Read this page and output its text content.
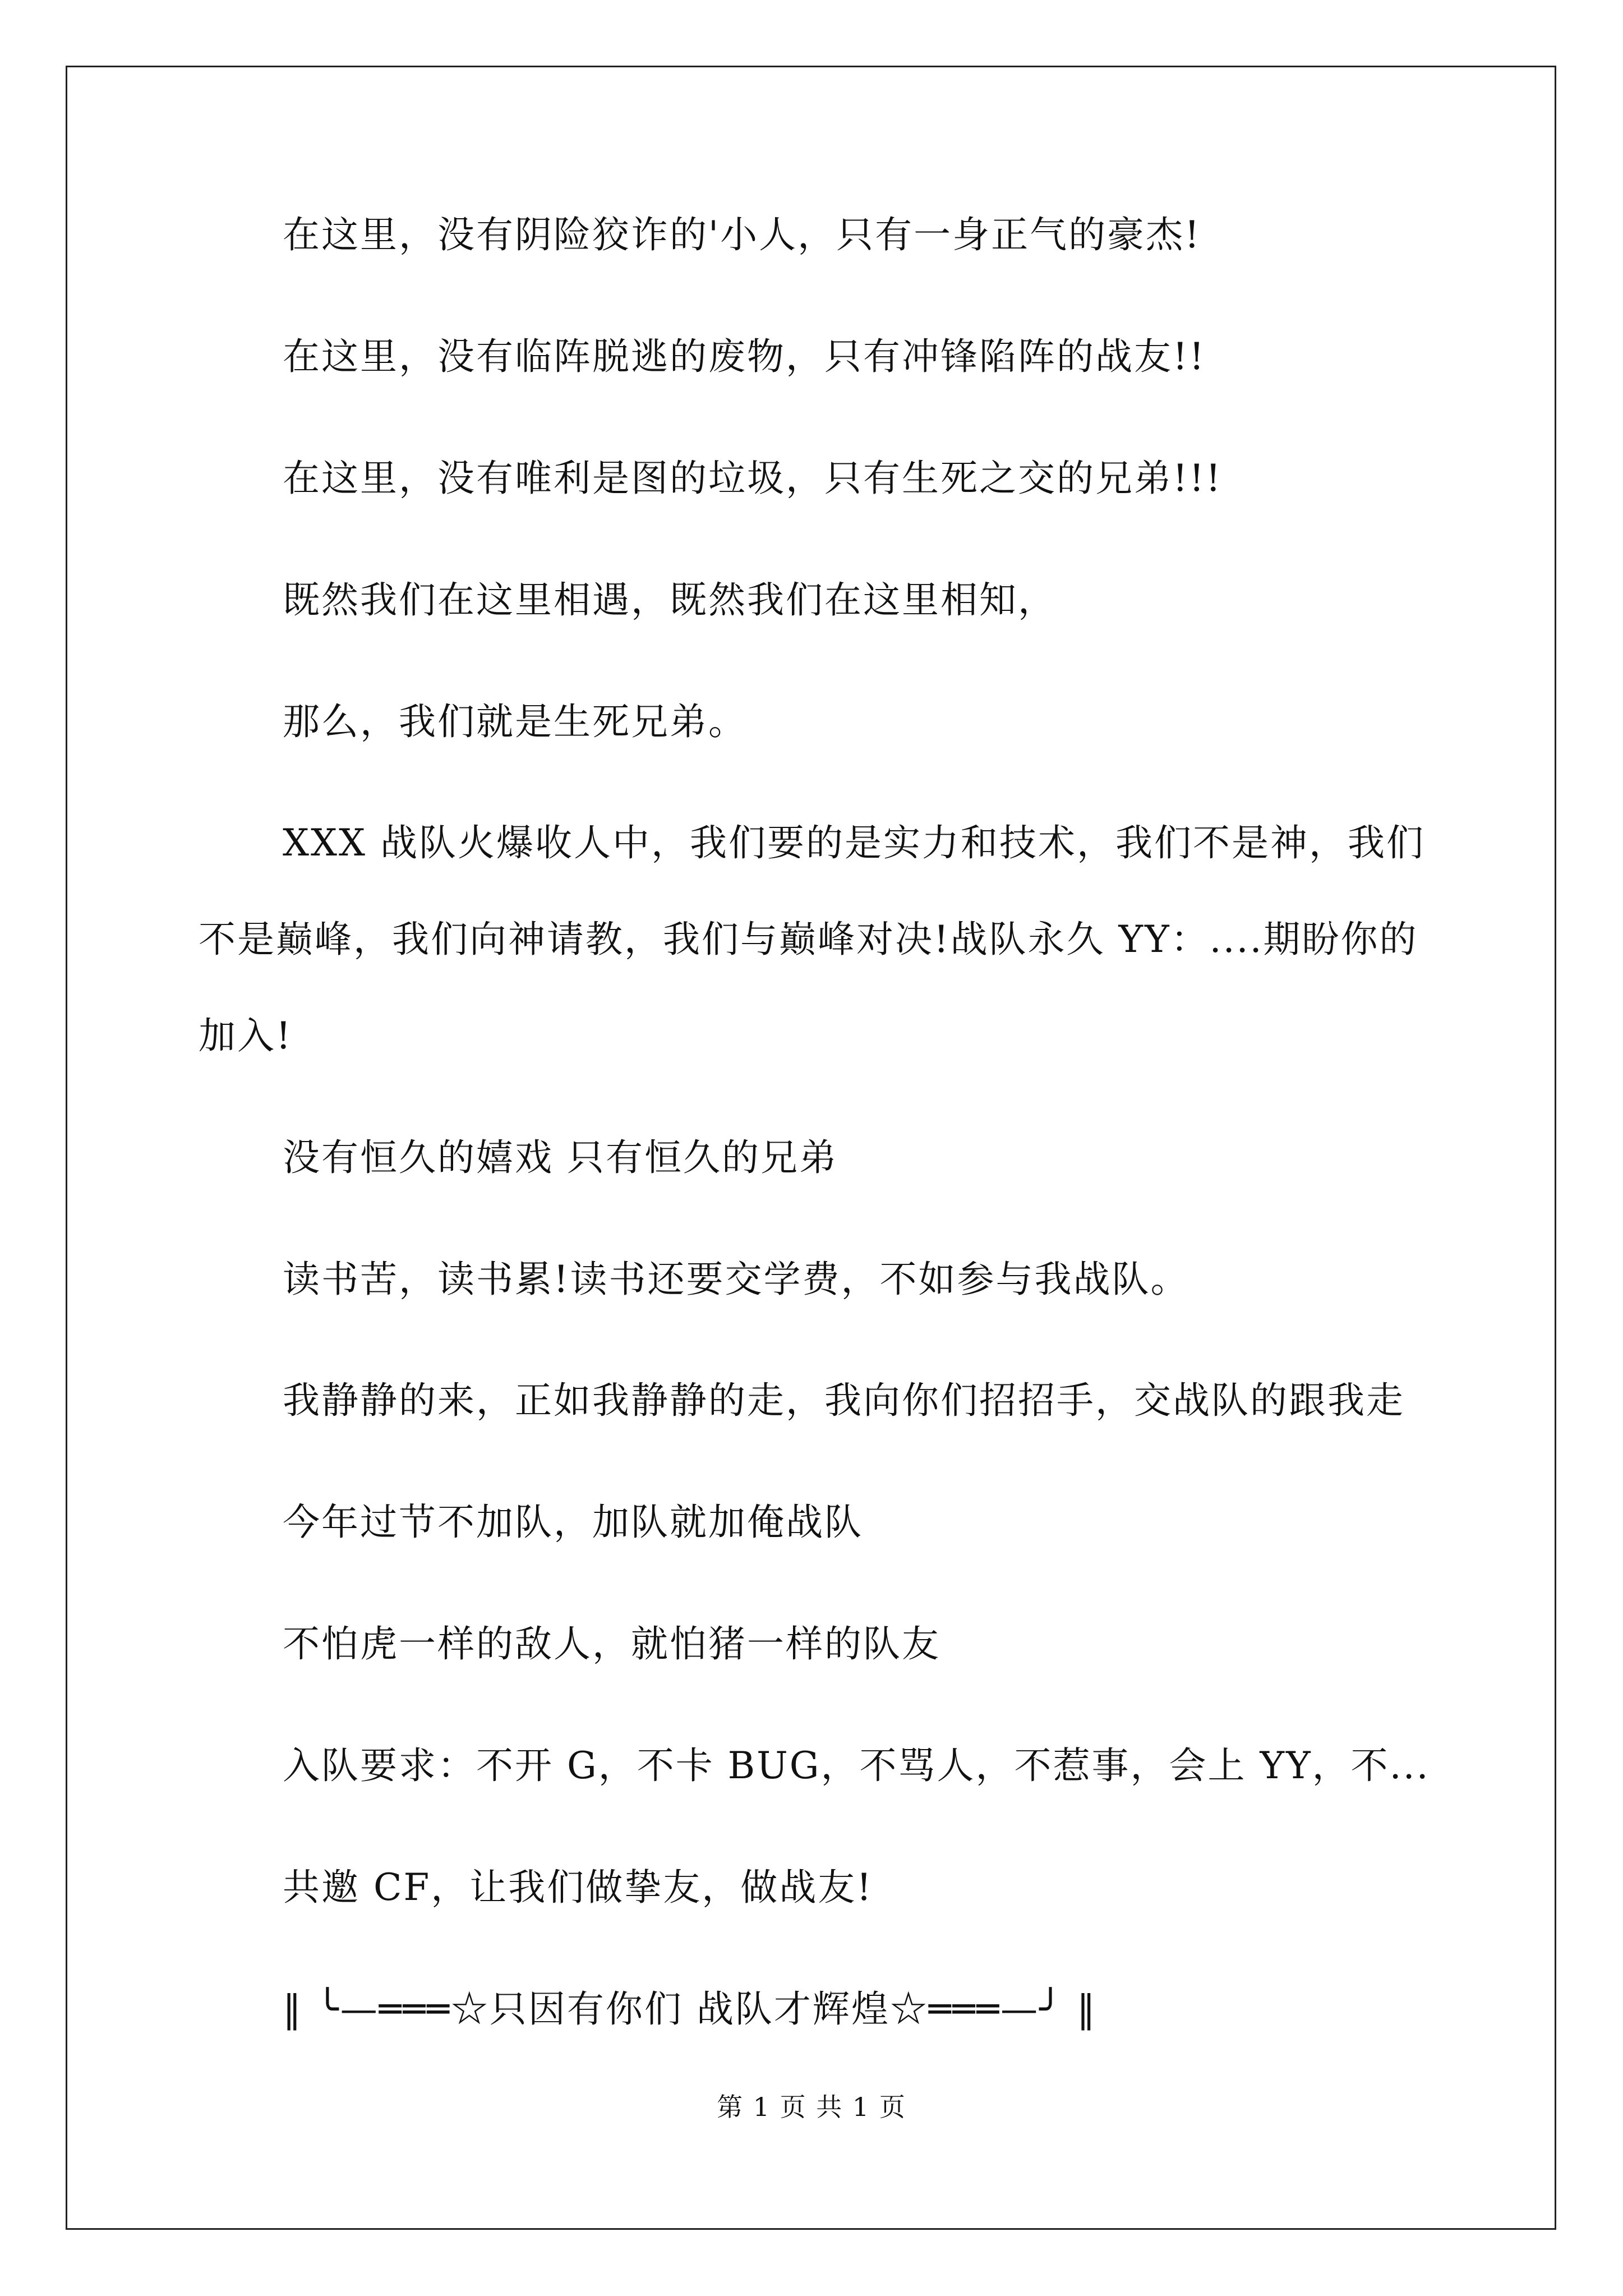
在这里，没有阴险狡诈的'小人，只有一身正气的豪杰!

在这里，没有临阵脱逃的废物，只有冲锋陷阵的战友!!

在这里，没有唯利是图的垃圾，只有生死之交的兄弟!!!

既然我们在这里相遇，既然我们在这里相知，

那么，我们就是生死兄弟。

XXX 战队火爆收人中，我们要的是实力和技术，我们不是神，我们不是巅峰，我们向神请教，我们与巅峰对决!战队永久 YY：....期盼你的加入!

没有恒久的嬉戏 只有恒久的兄弟

读书苦，读书累!读书还要交学费，不如参与我战队。

我静静的来，正如我静静的走，我向你们招招手，交战队的跟我走

今年过节不加队，加队就加俺战队

不怕虎一样的敌人，就怕猪一样的队友

入队要求：不开 G，不卡 BUG，不骂人，不惹事，会上 YY，不...

共邀 CF，让我们做挚友，做战友!

‖ ╰—═══☆只因有你们 战队才辉煌☆═══—╯ ‖

第 1 页 共 1 页
